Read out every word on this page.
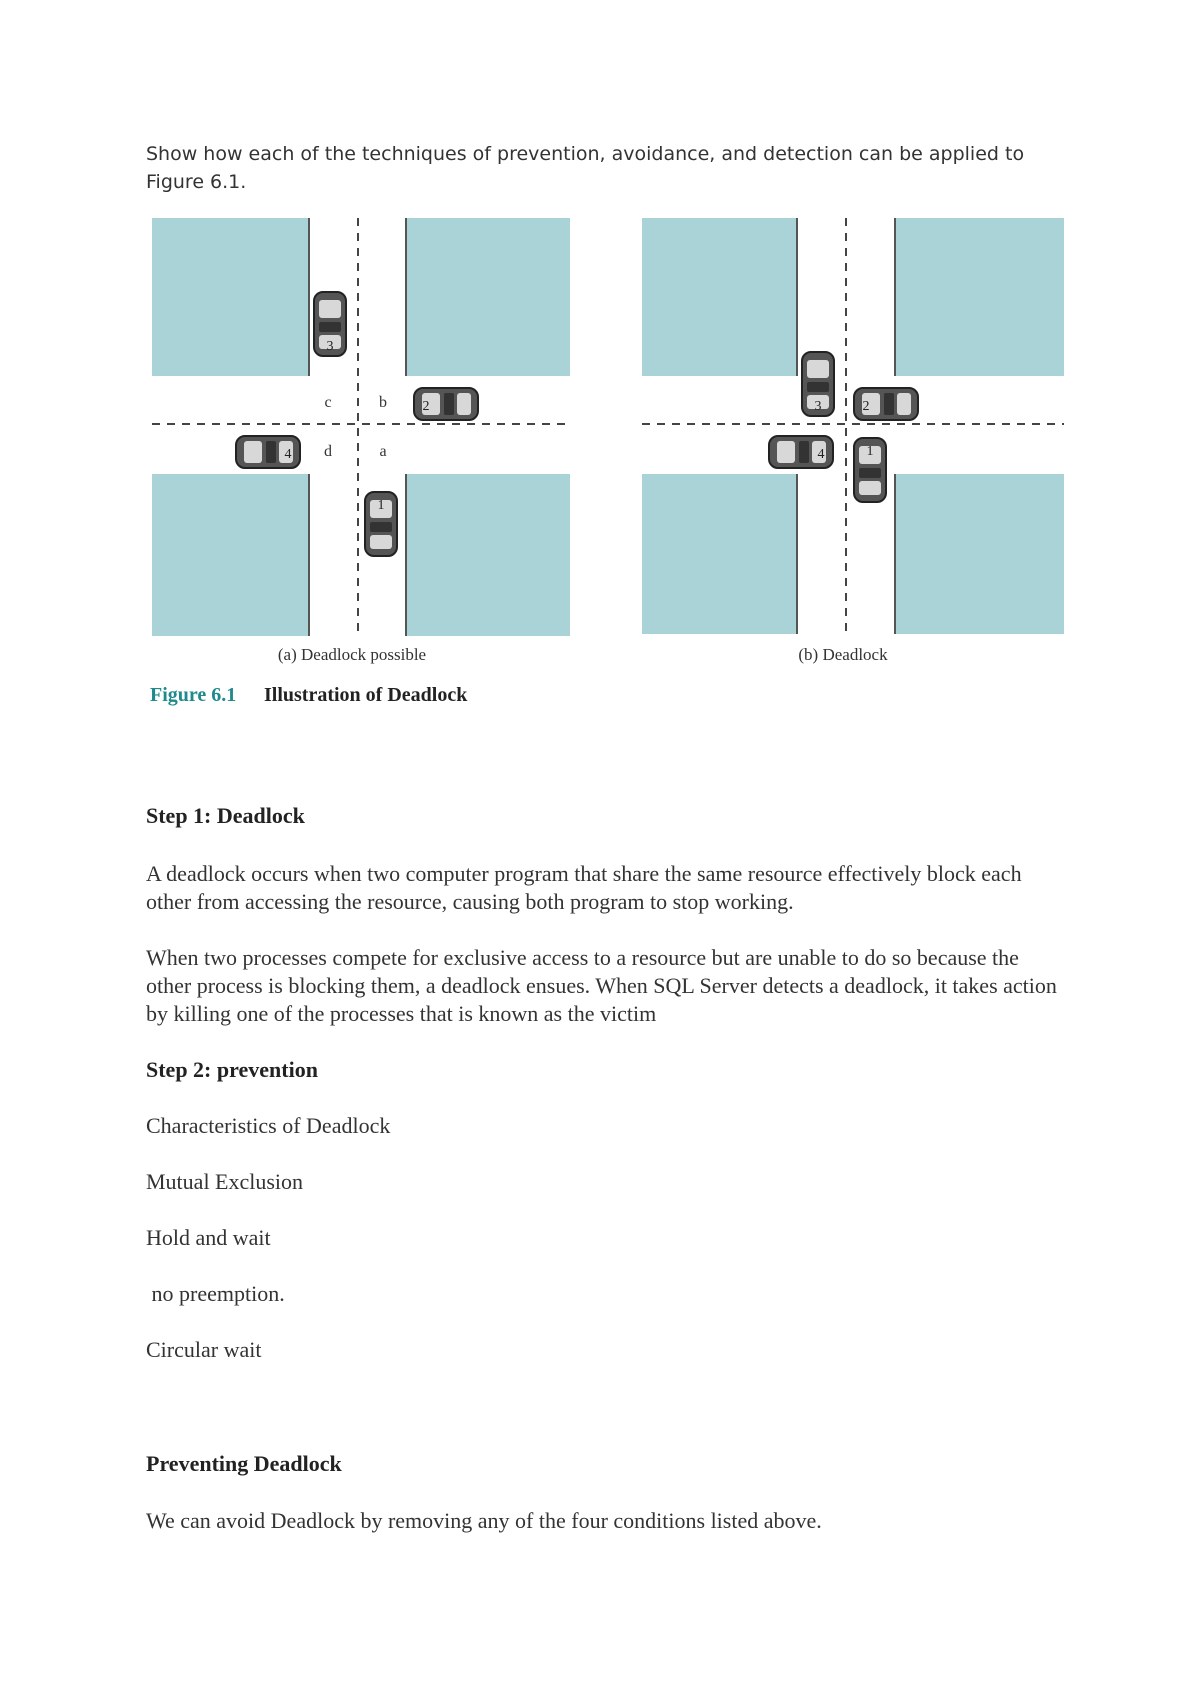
Show how each of the techniques of prevention, avoidance, and detection can be applied to Figure 6.1.

c	b
d	a
3
2
4
1
(a) Deadlock possible
3	2
4	1
(b) Deadlock
Figure 6.1 Illustration of Deadlock

Step 1: Deadlock

A deadlock occurs when two computer program that share the same resource effectively block each other from accessing the resource, causing both program to stop working.

When two processes compete for exclusive access to a resource but are unable to do so because the other process is blocking them, a deadlock ensues. When SQL Server detects a deadlock, it takes action by killing one of the processes that is known as the victim

Step 2: prevention

Characteristics of Deadlock

Mutual Exclusion

Hold and wait

no preemption.

Circular wait

Preventing Deadlock

We can avoid Deadlock by removing any of the four conditions listed above.
